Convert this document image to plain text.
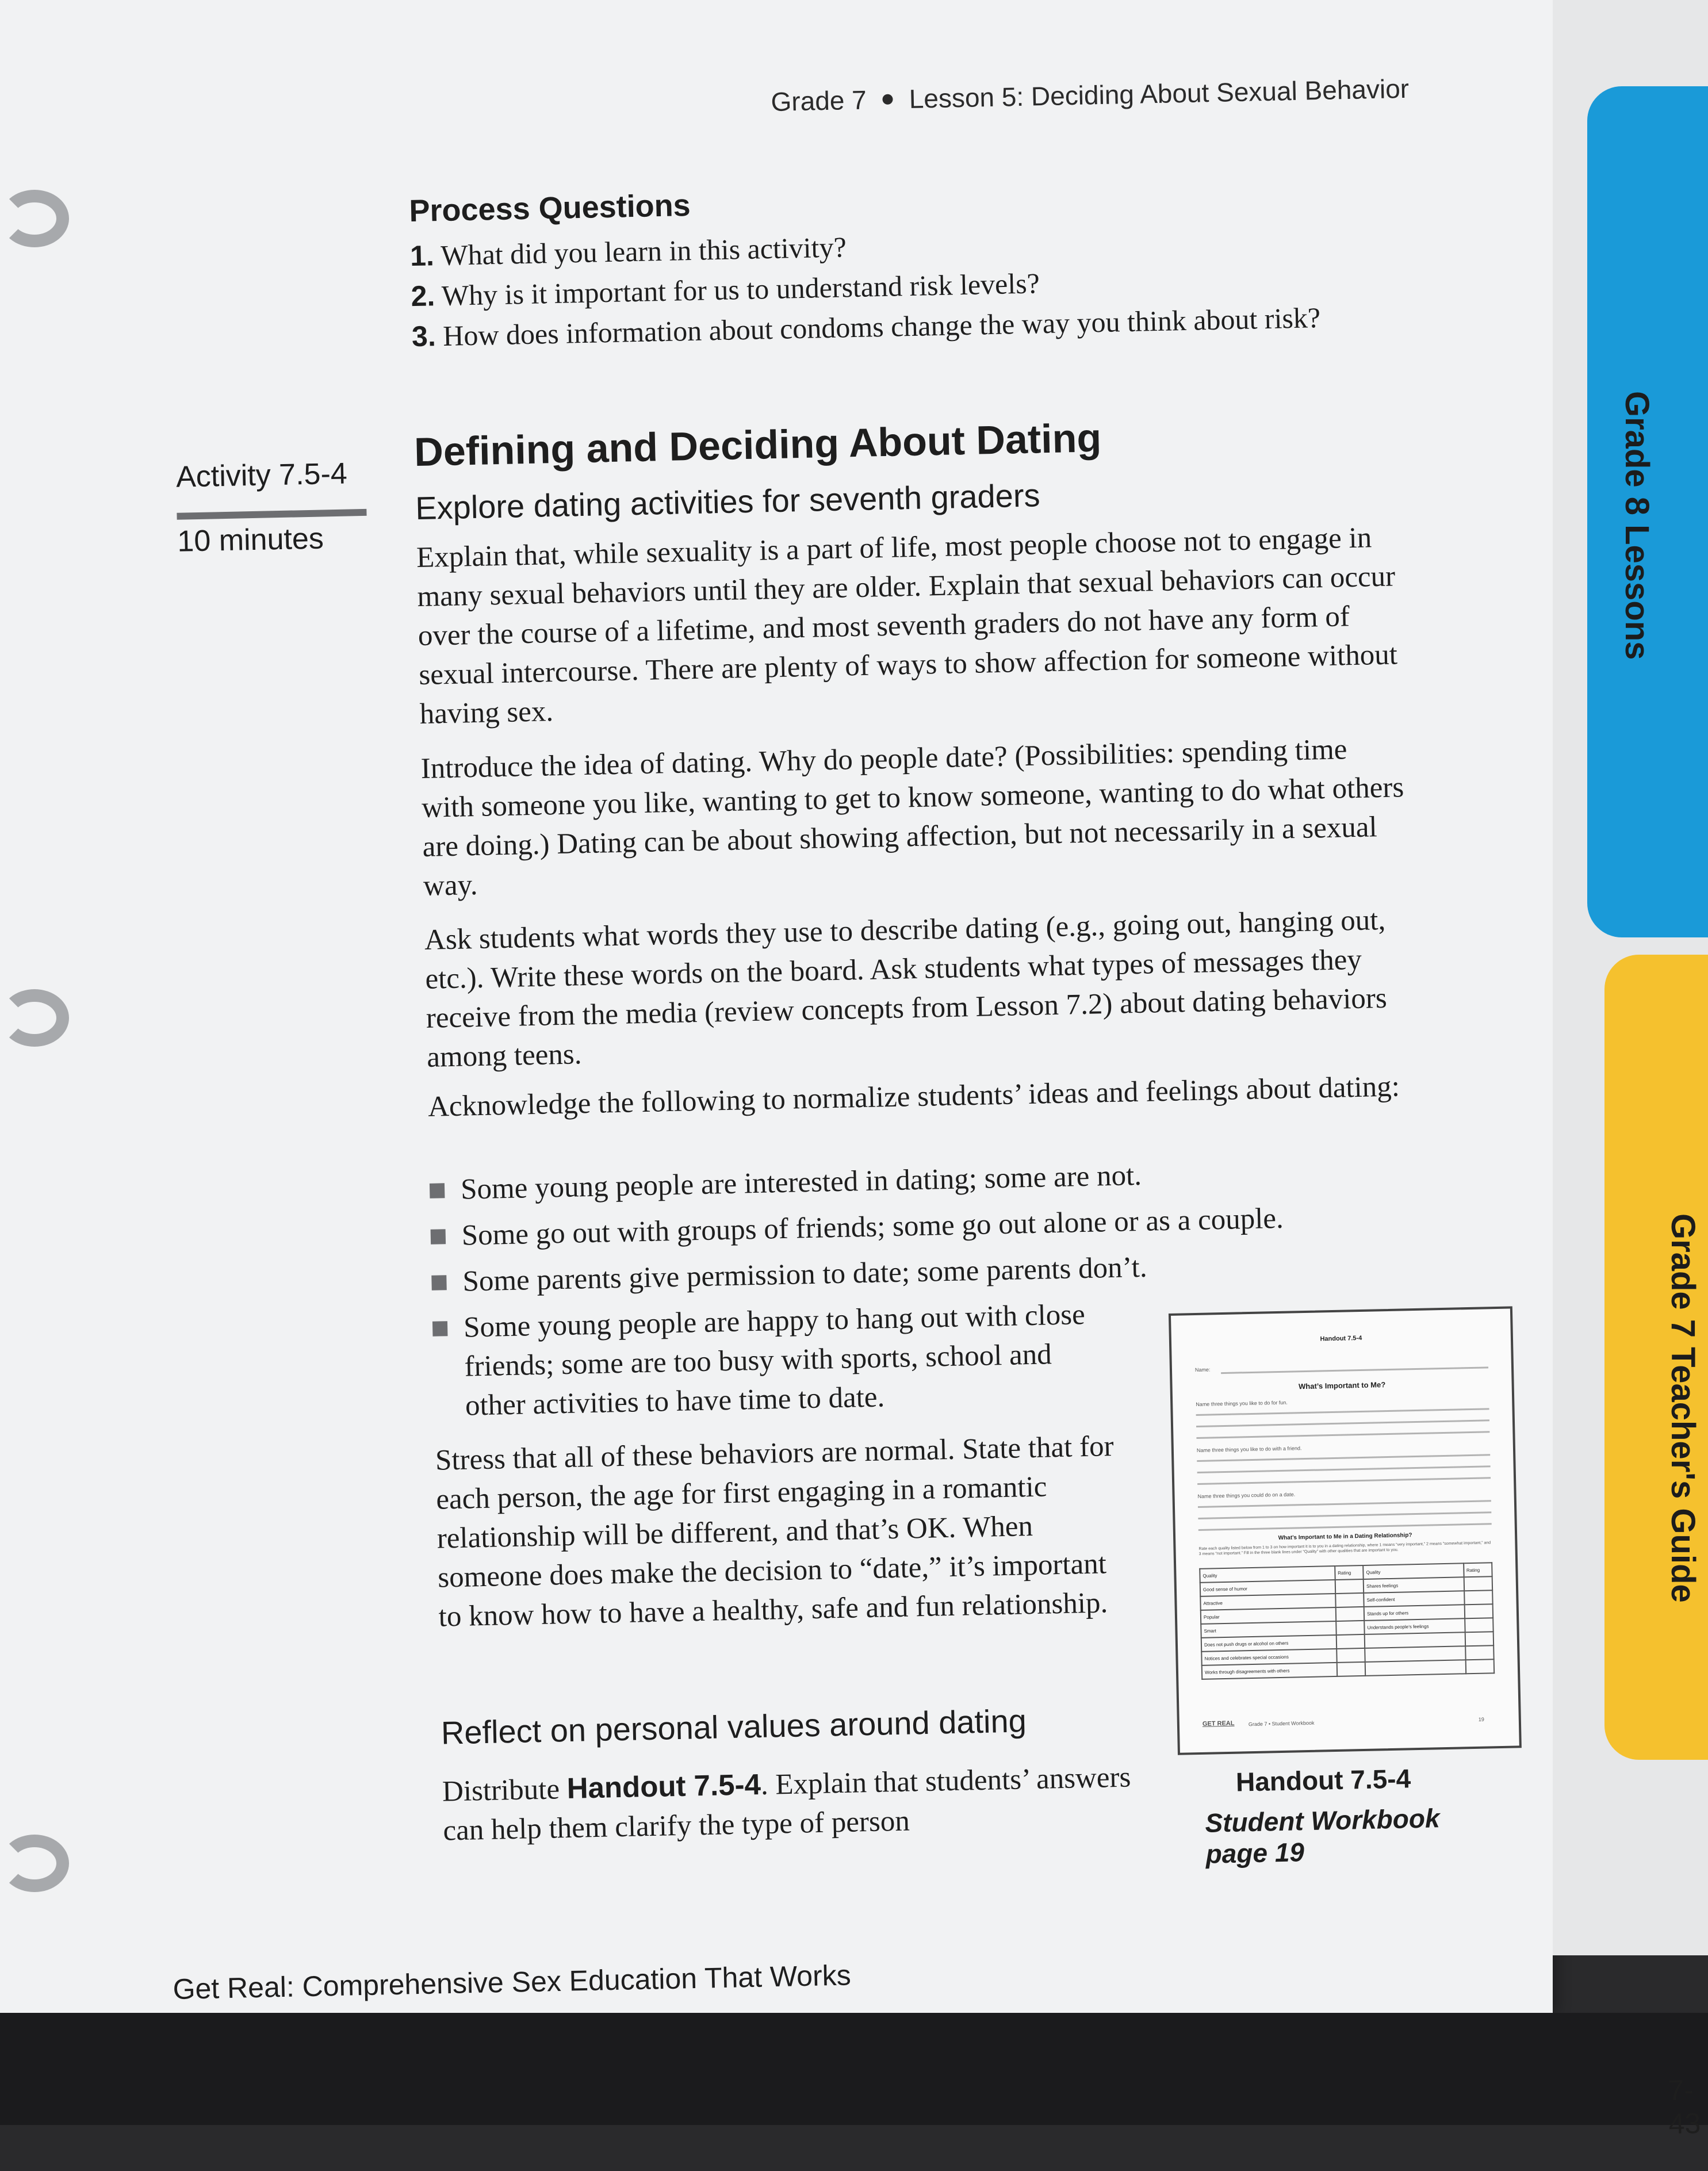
Grade 8 Lessons
Grade 7 Teacher's Guide
Grade 7 Lesson 5: Deciding About Sexual Behavior
Process Questions
1. What did you learn in this activity?
2. Why is it important for us to understand risk levels?
3. How does information about condoms change the way you think about risk?
Activity 7.5-4
10 minutes
Defining and Deciding About Dating
Explore dating activities for seventh graders
Explain that, while sexuality is a part of life, most people choose not to engage in many sexual behaviors until they are older. Explain that sexual behaviors can occur over the course of a lifetime, and most seventh graders do not have any form of sexual intercourse. There are plenty of ways to show affection for someone without having sex.
Introduce the idea of dating. Why do people date? (Possibilities: spending time with someone you like, wanting to get to know someone, wanting to do what others are doing.) Dating can be about showing affection, but not necessarily in a sexual way.
Ask students what words they use to describe dating (e.g., going out, hanging out, etc.). Write these words on the board. Ask students what types of messages they receive from the media (review concepts from Lesson 7.2) about dating behaviors among teens.
Acknowledge the following to normalize students’ ideas and feelings about dating:
Some young people are interested in dating; some are not.
Some go out with groups of friends; some go out alone or as a couple.
Some parents give permission to date; some parents don’t.
Some young people are happy to hang out with close friends; some are too busy with sports, school and other activities to have time to date.
Stress that all of these behaviors are normal. State that for each person, the age for first engaging in a romantic relationship will be different, and that’s OK. When someone does make the decision to “date,” it’s important to know how to have a healthy, safe and fun relationship.
Reflect on personal values around dating
Distribute Handout 7.5-4. Explain that students’ answers can help them clarify the type of person
Handout 7.5-4
Name:
What’s Important to Me?
Name three things you like to do for fun.
Name three things you like to do with a friend.
Name three things you could do on a date.
What’s Important to Me in a Dating Relationship?
Rate each quality listed below from 1 to 3 on how important it is to you in a dating relationship, where 1 means “very important,” 2 means “somewhat important,” and 3 means “not important.” Fill in the three blank lines under “Quality” with other qualities that are important to you.
Quality	Rating	Quality	Rating
Good sense of humor		Shares feelings	
Attractive		Self-confident	
Popular		Stands up for others	
Smart		Understands people’s feelings	
Does not push drugs or alcohol on others			
Notices and celebrates special occasions			
Works through disagreements with others			
GET REAL	Grade 7 • Student Workbook
19
Handout 7.5-4
Student Workbook page 19
7-43
Get Real: Comprehensive Sex Education That Works
